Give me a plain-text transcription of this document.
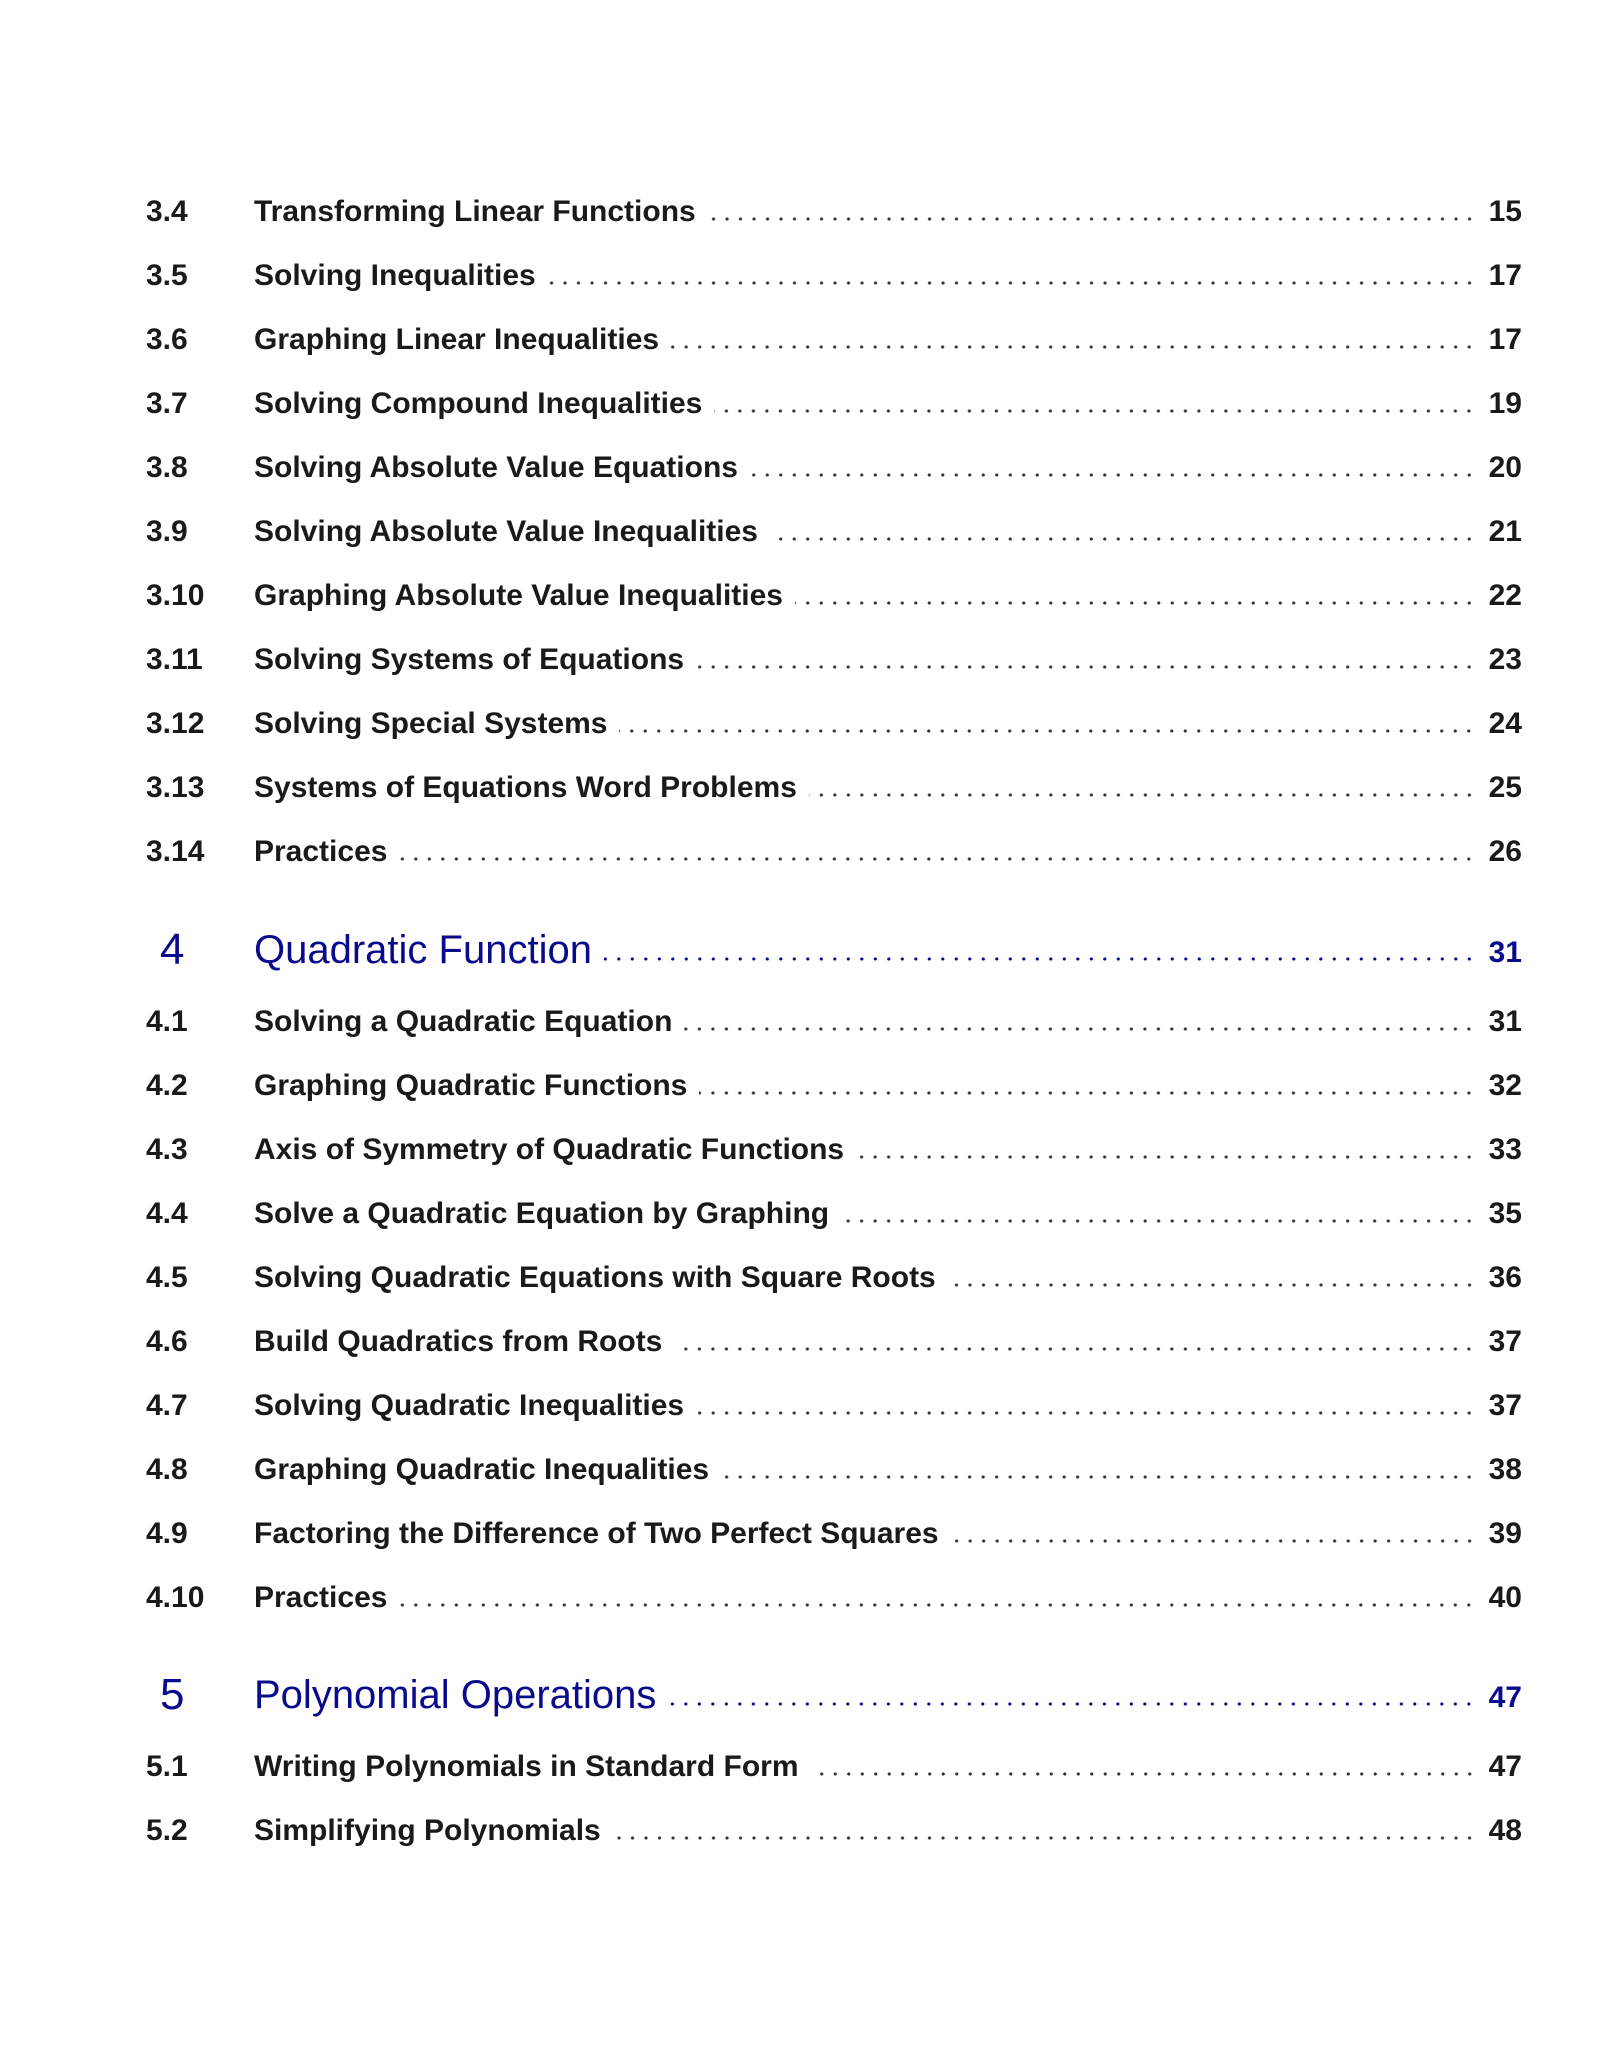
3.4	Transforming Linear Functions	15
3.5	Solving Inequalities	17
3.6	Graphing Linear Inequalities	17
3.7	Solving Compound Inequalities	19
3.8	Solving Absolute Value Equations	20
3.9	Solving Absolute Value Inequalities	21
3.10	Graphing Absolute Value Inequalities	22
3.11	Solving Systems of Equations	23
3.12	Solving Special Systems	24
3.13	Systems of Equations Word Problems	25
3.14	Practices	26
4	Quadratic Function	31
4.1	Solving a Quadratic Equation	31
4.2	Graphing Quadratic Functions	32
4.3	Axis of Symmetry of Quadratic Functions	33
4.4	Solve a Quadratic Equation by Graphing	35
4.5	Solving Quadratic Equations with Square Roots	36
4.6	Build Quadratics from Roots	37
4.7	Solving Quadratic Inequalities	37
4.8	Graphing Quadratic Inequalities	38
4.9	Factoring the Difference of Two Perfect Squares	39
4.10	Practices	40
5	Polynomial Operations	47
5.1	Writing Polynomials in Standard Form	47
5.2	Simplifying Polynomials	48
